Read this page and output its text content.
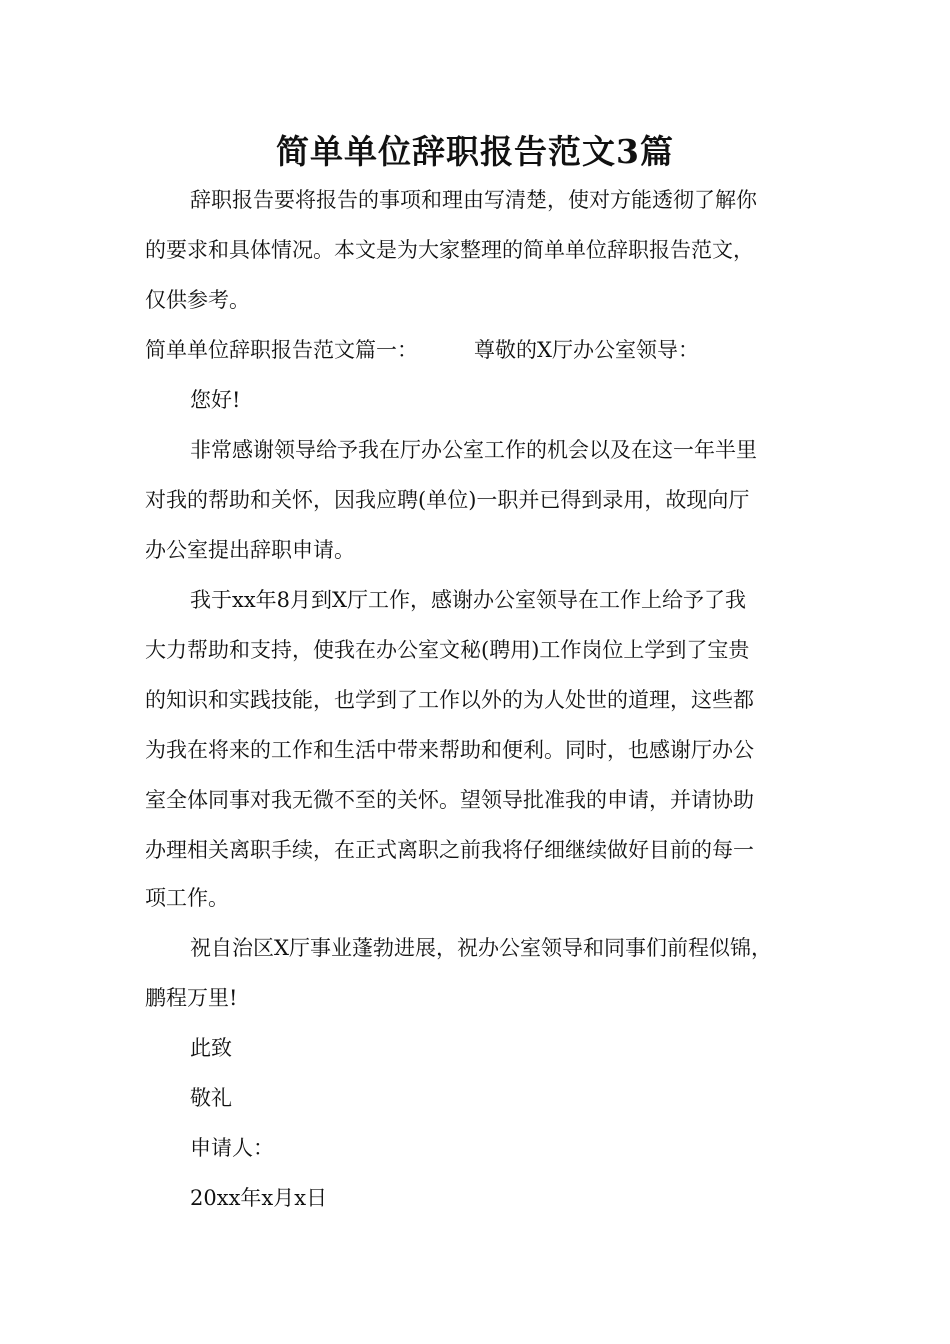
简单单位辞职报告范文3篇

辞职报告要将报告的事项和理由写清楚，使对方能透彻了解你

的要求和具体情况。本文是为大家整理的简单单位辞职报告范文，

仅供参考。

简单单位辞职报告范文篇一：	尊敬的X厅办公室领导：

您好!

非常感谢领导给予我在厅办公室工作的机会以及在这一年半里

对我的帮助和关怀，因我应聘(单位)一职并已得到录用，故现向厅

办公室提出辞职申请。

我于xx年8月到X厅工作，感谢办公室领导在工作上给予了我

大力帮助和支持，使我在办公室文秘(聘用)工作岗位上学到了宝贵

的知识和实践技能，也学到了工作以外的为人处世的道理，这些都

为我在将来的工作和生活中带来帮助和便利。同时，也感谢厅办公

室全体同事对我无微不至的关怀。望领导批准我的申请，并请协助

办理相关离职手续，在正式离职之前我将仔细继续做好目前的每一

项工作。

祝自治区X厅事业蓬勃进展，祝办公室领导和同事们前程似锦，

鹏程万里!

此致

敬礼

申请人：

20xx年x月x日
